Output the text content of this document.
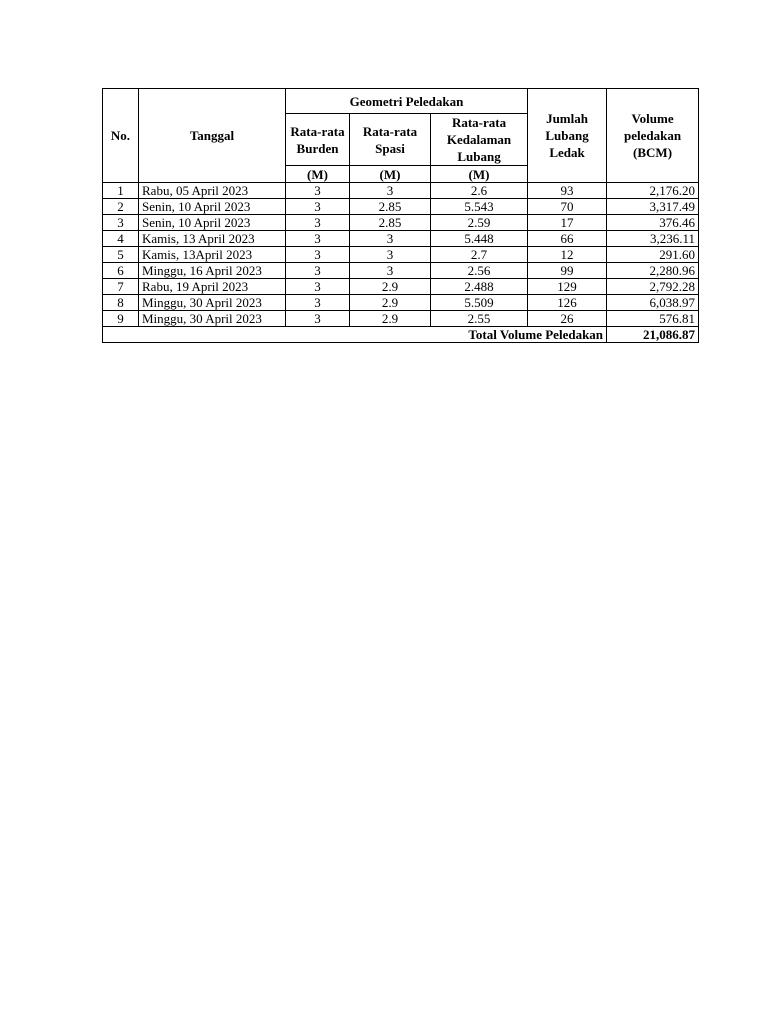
No.	Tanggal	Geometri Peledakan			Jumlah Lubang Ledak	Volume peledakan (BCM)
		Rata-rata Burden	Rata-rata Spasi	Rata-rata Kedalaman Lubang		
		(M)	(M)	(M)		
1	Rabu, 05 April 2023	3	3	2.6	93	2,176.20
2	Senin, 10 April 2023	3	2.85	5.543	70	3,317.49
3	Senin, 10 April 2023	3	2.85	2.59	17	376.46
4	Kamis, 13 April 2023	3	3	5.448	66	3,236.11
5	Kamis, 13April 2023	3	3	2.7	12	291.60
6	Minggu, 16 April 2023	3	3	2.56	99	2,280.96
7	Rabu, 19 April 2023	3	2.9	2.488	129	2,792.28
8	Minggu, 30 April 2023	3	2.9	5.509	126	6,038.97
9	Minggu, 30 April 2023	3	2.9	2.55	26	576.81
Total Volume Peledakan						21,086.87
